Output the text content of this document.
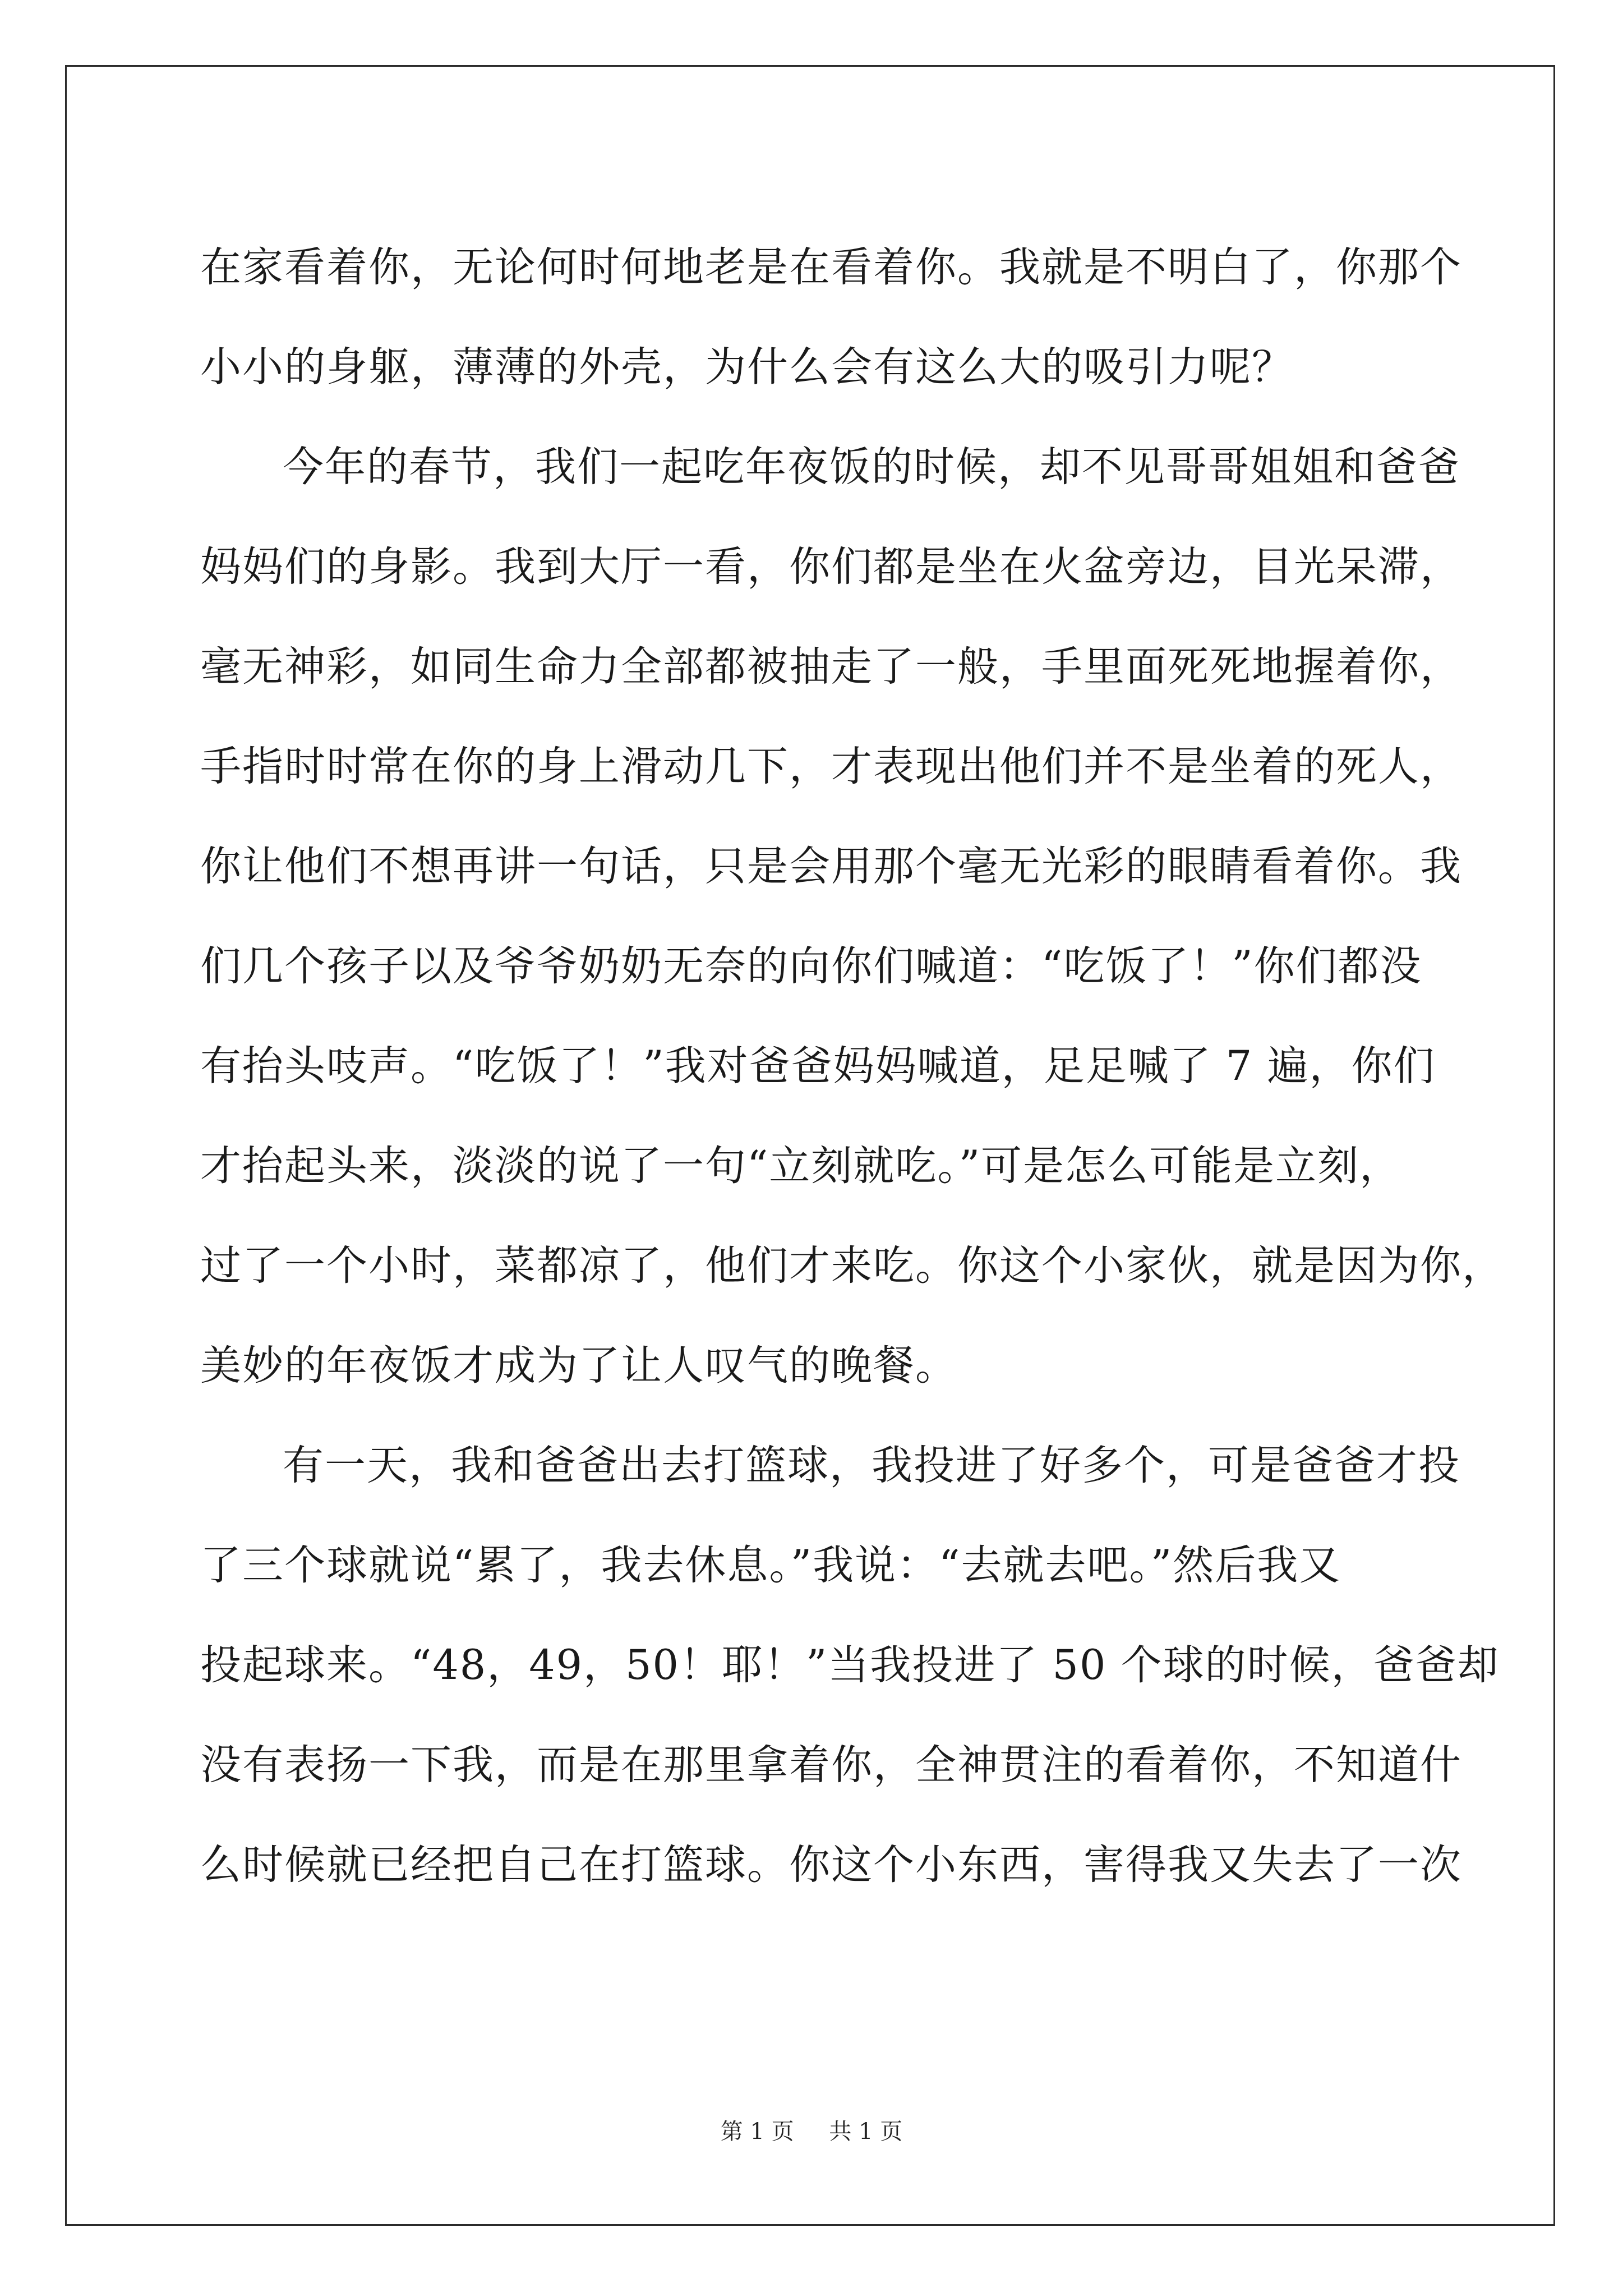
在家看着你，无论何时何地老是在看着你。我就是不明白了，你那个
小小的身躯，薄薄的外壳，为什么会有这么大的吸引力呢？
今年的春节，我们一起吃年夜饭的时候，却不见哥哥姐姐和爸爸
妈妈们的身影。我到大厅一看，你们都是坐在火盆旁边，目光呆滞，
毫无神彩，如同生命力全部都被抽走了一般，手里面死死地握着你，
手指时时常在你的身上滑动几下，才表现出他们并不是坐着的死人，
你让他们不想再讲一句话，只是会用那个毫无光彩的眼睛看着你。我
们几个孩子以及爷爷奶奶无奈的向你们喊道：“吃饭了！”你们都没
有抬头吱声。“吃饭了！”我对爸爸妈妈喊道，足足喊了 7 遍，你们
才抬起头来，淡淡的说了一句“立刻就吃。”可是怎么可能是立刻，
过了一个小时，菜都凉了，他们才来吃。你这个小家伙，就是因为你，
美妙的年夜饭才成为了让人叹气的晚餐。
有一天，我和爸爸出去打篮球，我投进了好多个，可是爸爸才投
了三个球就说“累了，我去休息。”我说：“去就去吧。”然后我又
投起球来。“48，49，50！耶！”当我投进了 50 个球的时候，爸爸却
没有表扬一下我，而是在那里拿着你，全神贯注的看着你，不知道什
么时候就已经把自己在打篮球。你这个小东西，害得我又失去了一次
第 1 页 共 1 页
